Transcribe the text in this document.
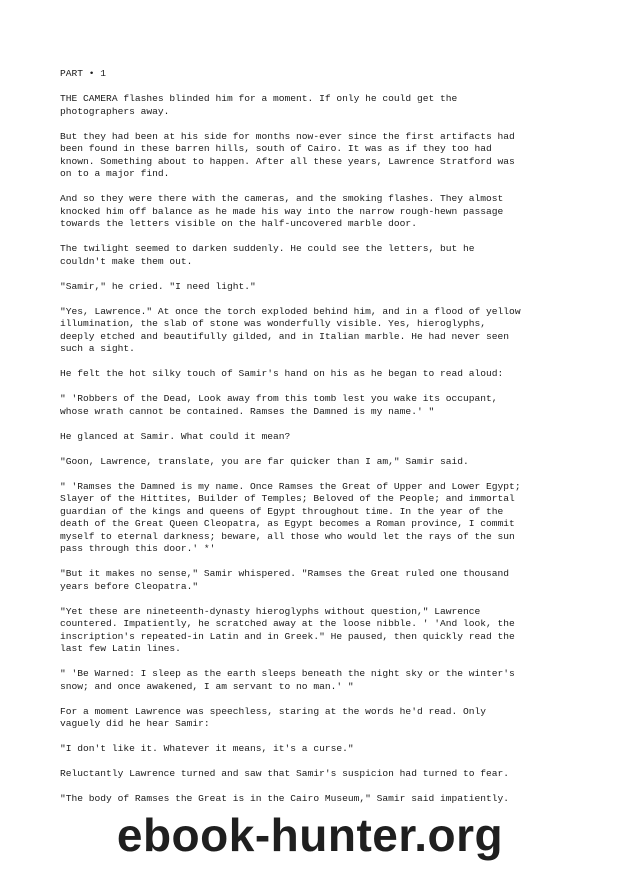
PART • 1

THE CAMERA flashes blinded him for a moment. If only he could get the
photographers away.

But they had been at his side for months now-ever since the first artifacts had
been found in these barren hills, south of Cairo. It was as if they too had
known. Something about to happen. After all these years, Lawrence Stratford was
on to a major find.

And so they were there with the cameras, and the smoking flashes. They almost
knocked him off balance as he made his way into the narrow rough-hewn passage
towards the letters visible on the half-uncovered marble door.

The twilight seemed to darken suddenly. He could see the letters, but he
couldn't make them out.

"Samir," he cried. "I need light."

"Yes, Lawrence." At once the torch exploded behind him, and in a flood of yellow
illumination, the slab of stone was wonderfully visible. Yes, hieroglyphs,
deeply etched and beautifully gilded, and in Italian marble. He had never seen
such a sight.

He felt the hot silky touch of Samir's hand on his as he began to read aloud:

" 'Robbers of the Dead, Look away from this tomb lest you wake its occupant,
whose wrath cannot be contained. Ramses the Damned is my name.' "

He glanced at Samir. What could it mean?

"Goon, Lawrence, translate, you are far quicker than I am," Samir said.

" 'Ramses the Damned is my name. Once Ramses the Great of Upper and Lower Egypt;
Slayer of the Hittites, Builder of Temples; Beloved of the People; and immortal
guardian of the kings and queens of Egypt throughout time. In the year of the
death of the Great Queen Cleopatra, as Egypt becomes a Roman province, I commit
myself to eternal darkness; beware, all those who would let the rays of the sun
pass through this door.' *'

"But it makes no sense," Samir whispered. "Ramses the Great ruled one thousand
years before Cleopatra."

"Yet these are nineteenth-dynasty hieroglyphs without question," Lawrence
countered. Impatiently, he scratched away at the loose nibble. ' 'And look, the
inscription's repeated-in Latin and in Greek." He paused, then quickly read the
last few Latin lines.

" 'Be Warned: I sleep as the earth sleeps beneath the night sky or the winter's
snow; and once awakened, I am servant to no man.' "

For a moment Lawrence was speechless, staring at the words he'd read. Only
vaguely did he hear Samir:

"I don't like it. Whatever it means, it's a curse."

Reluctantly Lawrence turned and saw that Samir's suspicion had turned to fear.

"The body of Ramses the Great is in the Cairo Museum," Samir said impatiently.

ebook-hunter.org
